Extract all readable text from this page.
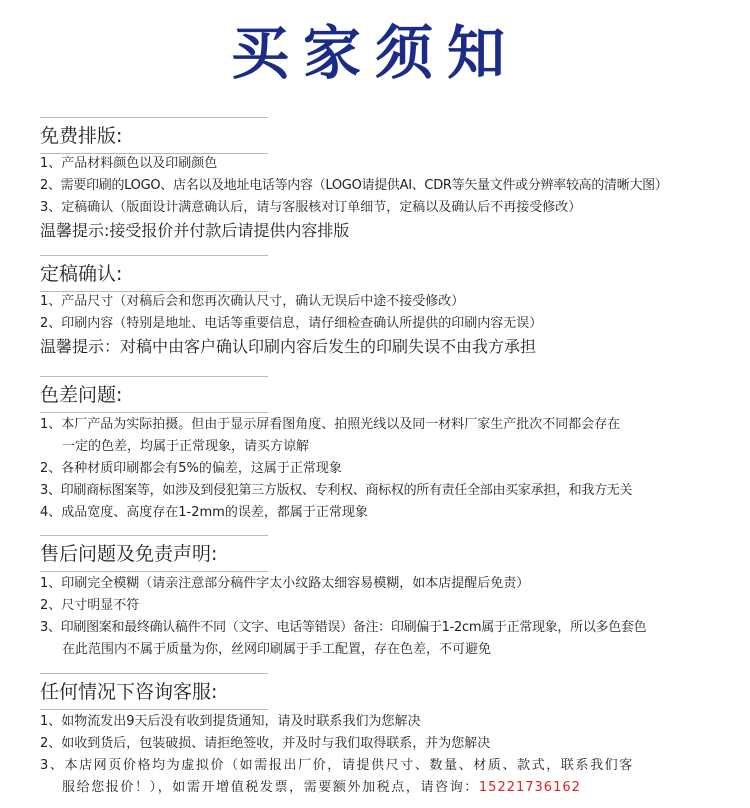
买家须知
免费排版:
1、产品材料颜色以及印刷颜色
2、需要印刷的LOGO、店名以及地址电话等内容（LOGO请提供AI、CDR等矢量文件或分辨率较高的清晰大图）
3、定稿确认（版面设计满意确认后，请与客服核对订单细节，定稿以及确认后不再接受修改）
温馨提示:接受报价并付款后请提供内容排版
定稿确认:
1、产品尺寸（对稿后会和您再次确认尺寸，确认无误后中途不接受修改）
2、印刷内容（特别是地址、电话等重要信息，请仔细检查确认所提供的印刷内容无误）
温馨提示：对稿中由客户确认印刷内容后发生的印刷失误不由我方承担
色差问题:
1、本厂产品为实际拍摄。但由于显示屏看图角度、拍照光线以及同一材料厂家生产批次不同都会存在
一定的色差，均属于正常现象，请买方谅解
2、各种材质印刷都会有5%的偏差，这属于正常现象
3、印刷商标图案等，如涉及到侵犯第三方版权、专利权、商标权的所有责任全部由买家承担，和我方无关
4、成品宽度、高度存在1-2mm的误差，都属于正常现象
售后问题及免责声明:
1、印刷完全模糊（请亲注意部分稿件字太小纹路太细容易模糊，如本店提醒后免责）
2、尺寸明显不符
3、印刷图案和最终确认稿件不同（文字、电话等错误）备注：印刷偏于1-2cm属于正常现象，所以多色套色
在此范围内不属于质量为你，丝网印刷属于手工配置，存在色差，不可避免
任何情况下咨询客服:
1、如物流发出9天后没有收到提货通知，请及时联系我们为您解决
2、如收到货后，包装破损、请拒绝签收，并及时与我们取得联系，并为您解决
3、本店网页价格均为虚拟价（如需报出厂价，请提供尺寸、数量、材质、款式，联系我们客
服给您报价！），如需开增值税发票，需要额外加税点，请咨询：15221736162
